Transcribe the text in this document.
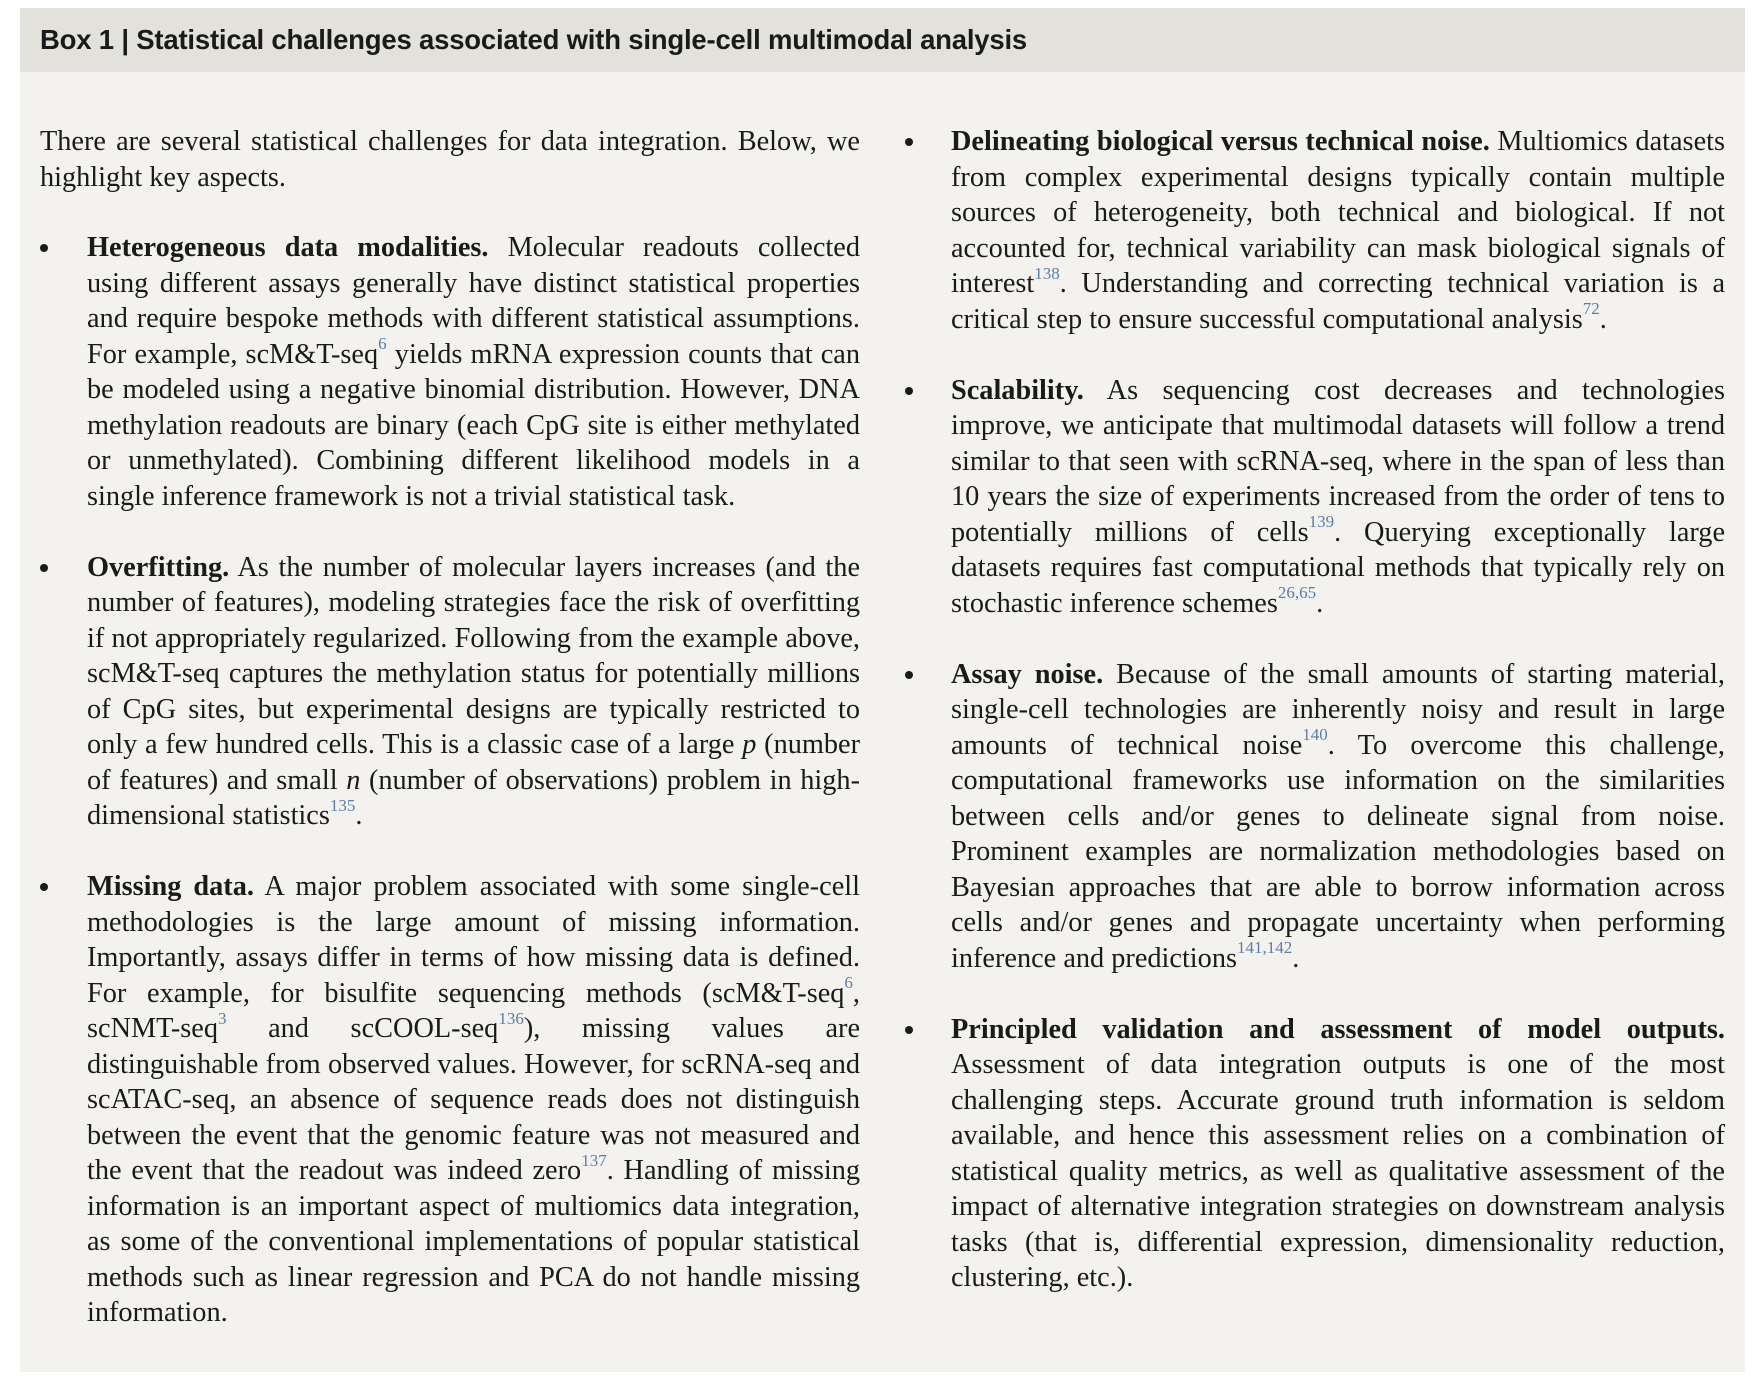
Box 1 | Statistical challenges associated with single-cell multimodal analysis

There are several statistical challenges for data integration. Below, we highlight key aspects.

Heterogeneous data modalities. Molecular readouts collected using different assays generally have distinct statistical properties and require bespoke methods with different statistical assumptions. For example, scM&T-seq$^6$ yields mRNA expression counts that can be modeled using a negative binomial distribution. However, DNA methylation readouts are binary (each CpG site is either methylated or unmethylated). Combining different likelihood models in a single inference framework is not a trivial statistical task.
Overfitting. As the number of molecular layers increases (and the number of features), modeling strategies face the risk of overfitting if not appropriately regularized. Following from the example above, scM&T-seq captures the methylation status for potentially millions of CpG sites, but experimental designs are typically restricted to only a few hundred cells. This is a classic case of a large p (number of features) and small n (number of observations) problem in high-dimensional statistics$^{135}$.
Missing data. A major problem associated with some single-cell methodologies is the large amount of missing information. Importantly, assays differ in terms of how missing data is defined. For example, for bisulfite sequencing methods (scM&T-seq$^6$, scNMT-seq$^3$ and scCOOL-seq$^{136}$), missing values are distinguishable from observed values. However, for scRNA-seq and scATAC-seq, an absence of sequence reads does not distinguish between the event that the genomic feature was not measured and the event that the readout was indeed zero$^{137}$. Handling of missing information is an important aspect of multiomics data integration, as some of the conventional implementations of popular statistical methods such as linear regression and PCA do not handle missing information.
Delineating biological versus technical noise. Multiomics datasets from complex experimental designs typically contain multiple sources of heterogeneity, both technical and biological. If not accounted for, technical variability can mask biological signals of interest$^{138}$. Understanding and correcting technical variation is a critical step to ensure successful computational analysis$^{72}$.
Scalability. As sequencing cost decreases and technologies improve, we anticipate that multimodal datasets will follow a trend similar to that seen with scRNA-seq, where in the span of less than 10 years the size of experiments increased from the order of tens to potentially millions of cells$^{139}$. Querying exceptionally large datasets requires fast computational methods that typically rely on stochastic inference schemes$^{26,65}$.
Assay noise. Because of the small amounts of starting material, single-cell technologies are inherently noisy and result in large amounts of technical noise$^{140}$. To overcome this challenge, computational frameworks use information on the similarities between cells and/or genes to delineate signal from noise. Prominent examples are normalization methodologies based on Bayesian approaches that are able to borrow information across cells and/or genes and propagate uncertainty when performing inference and predictions$^{141,142}$.
Principled validation and assessment of model outputs. Assessment of data integration outputs is one of the most challenging steps. Accurate ground truth information is seldom available, and hence this assessment relies on a combination of statistical quality metrics, as well as qualitative assessment of the impact of alternative integration strategies on downstream analysis tasks (that is, differential expression, dimensionality reduction, clustering, etc.).
